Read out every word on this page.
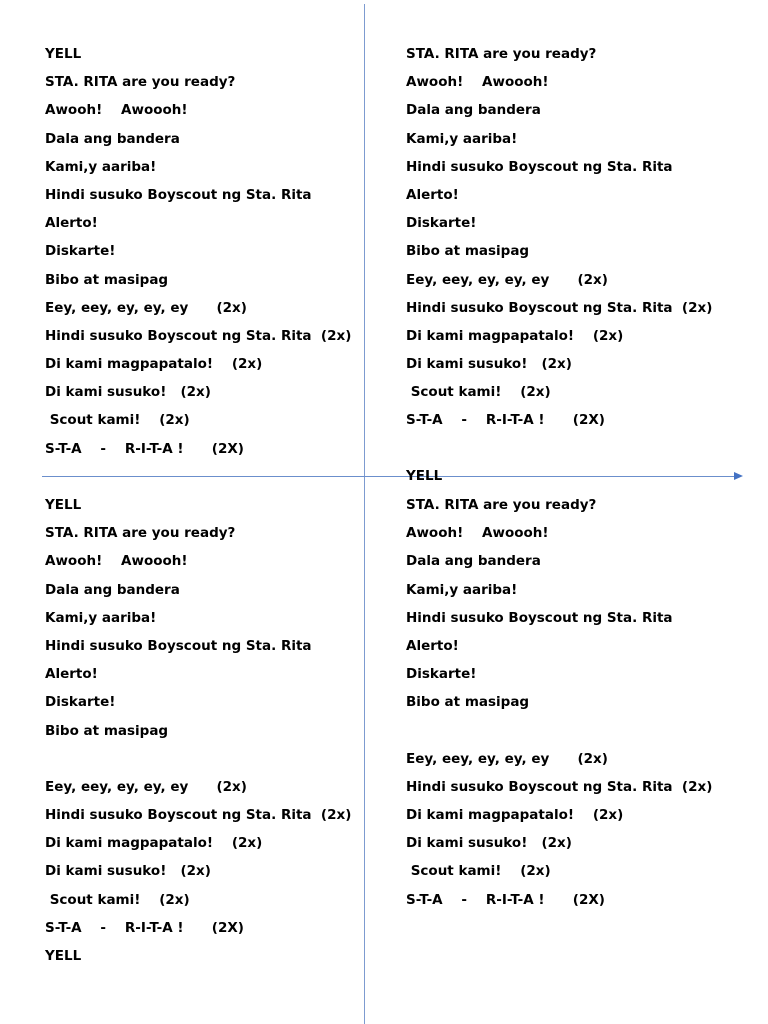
YELL
STA. RITA are you ready?
Awooh!    Awoooh!
Dala ang bandera
Kami,y aariba!
Hindi susuko Boyscout ng Sta. Rita
Alerto!
Diskarte!
Bibo at masipag
Eey, eey, ey, ey, ey      (2x)
Hindi susuko Boyscout ng Sta. Rita  (2x)
Di kami magpapatalo!    (2x)
Di kami susuko!   (2x)
Scout kami!    (2x)
S-T-A    -    R-I-T-A !      (2X)
STA. RITA are you ready?
Awooh!    Awoooh!
Dala ang bandera
Kami,y aariba!
Hindi susuko Boyscout ng Sta. Rita
Alerto!
Diskarte!
Bibo at masipag
Eey, eey, ey, ey, ey      (2x)
Hindi susuko Boyscout ng Sta. Rita  (2x)
Di kami magpapatalo!    (2x)
Di kami susuko!   (2x)
Scout kami!    (2x)
S-T-A    -    R-I-T-A !      (2X)
YELL
YELL
STA. RITA are you ready?
Awooh!    Awoooh!
Dala ang bandera
Kami,y aariba!
Hindi susuko Boyscout ng Sta. Rita
Alerto!
Diskarte!
Bibo at masipag
Eey, eey, ey, ey, ey      (2x)
Hindi susuko Boyscout ng Sta. Rita  (2x)
Di kami magpapatalo!    (2x)
Di kami susuko!   (2x)
Scout kami!    (2x)
S-T-A    -    R-I-T-A !      (2X)
YELL
STA. RITA are you ready?
Awooh!    Awoooh!
Dala ang bandera
Kami,y aariba!
Hindi susuko Boyscout ng Sta. Rita
Alerto!
Diskarte!
Bibo at masipag
Eey, eey, ey, ey, ey      (2x)
Hindi susuko Boyscout ng Sta. Rita  (2x)
Di kami magpapatalo!    (2x)
Di kami susuko!   (2x)
Scout kami!    (2x)
S-T-A    -    R-I-T-A !      (2X)
